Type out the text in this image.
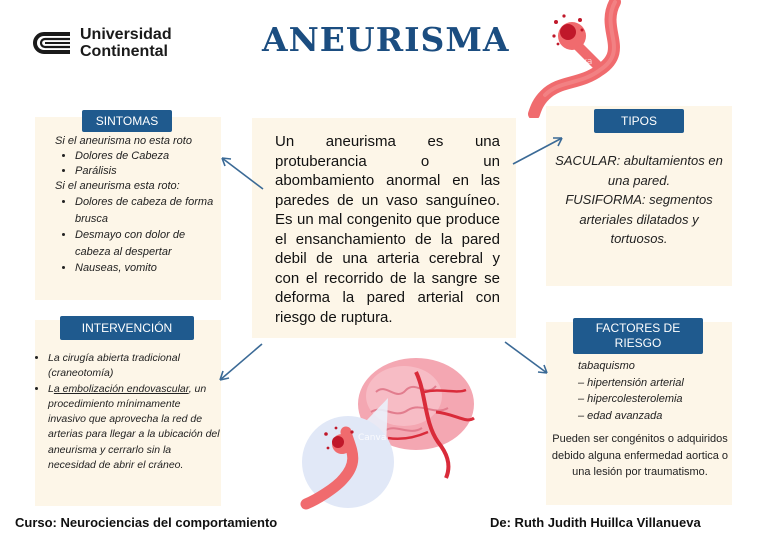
Universidad
Continental	ANEURISMA
Canva
SINTOMAS
Si el aneurisma no esta roto
• Dolores de Cabeza
• Parálisis
Si el aneurisma esta roto:
• Dolores de cabeza de forma brusca
• Desmayo con dolor de cabeza al despertar
• Nauseas, vomito
Un aneurisma es una protuberancia o un abombamiento anormal en las paredes de un vaso sanguíneo. Es un mal congenito que produce el ensanchamiento de la pared debil de una arteria cerebral y con el recorrido de la sangre se deforma la pared arterial con riesgo de ruptura.
TIPOS
SACULAR: abultamientos en una pared.
FUSIFORMA: segmentos arteriales dilatados y tortuosos.
INTERVENCIÓN
• La cirugía abierta tradicional (craneotomía)
• La embolización endovascular, un procedimiento mínimamente invasivo que aprovecha la red de arterias para llegar a la ubicación del aneurisma y cerrarlo sin la necesidad de abrir el cráneo.
FACTORES DE RIESGO
tabaquismo
– hipertensión arterial
– hipercolesterolemia
– edad avanzada
Pueden ser congénitos o adquiridos debido alguna enfermedad aortica o una lesión por traumatismo.
Canva
Curso: Neurociencias del comportamiento	De: Ruth Judith Huillca Villanueva
